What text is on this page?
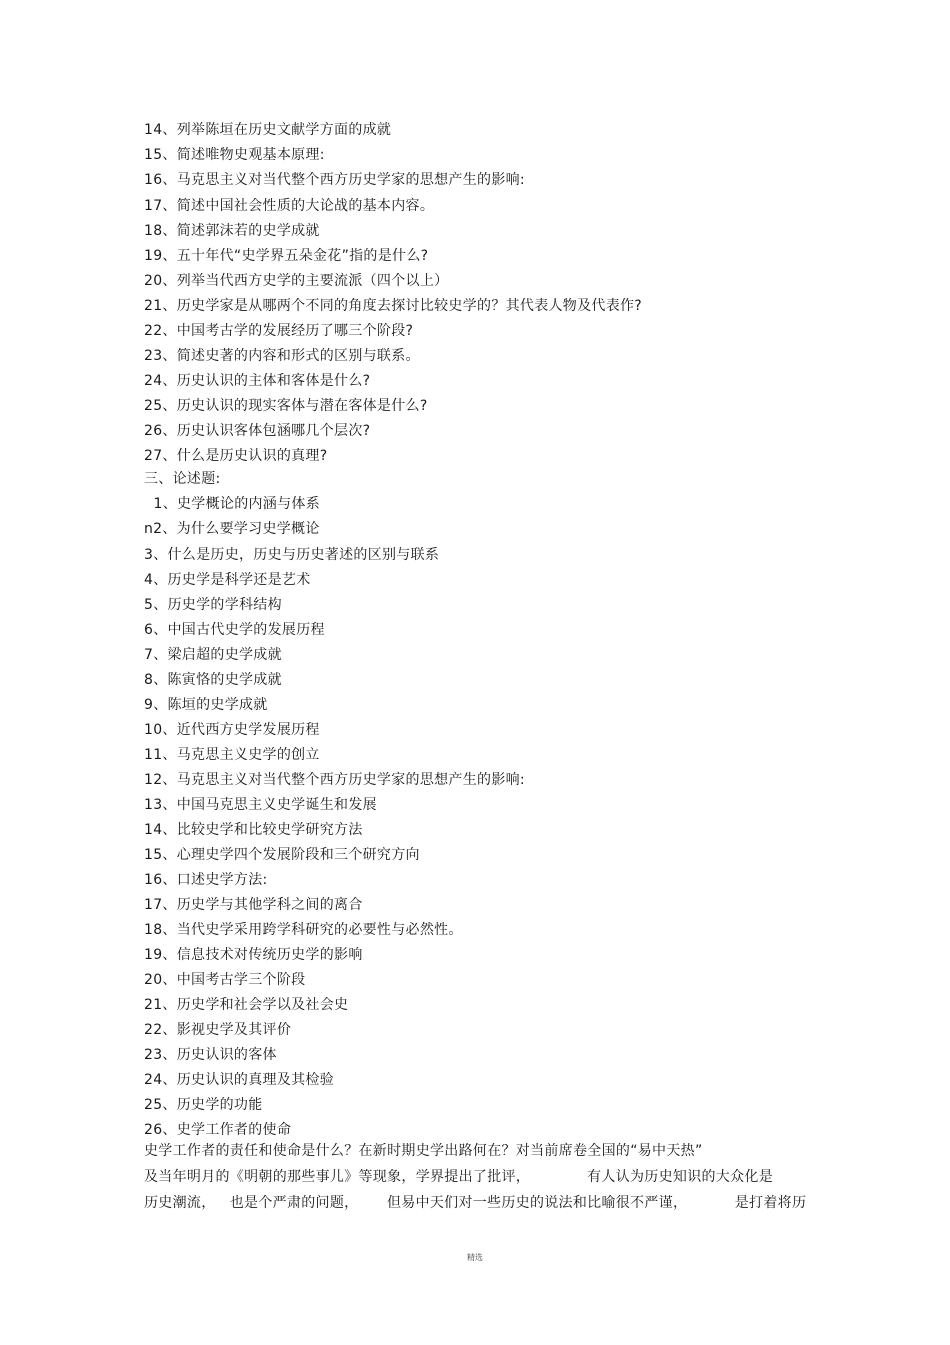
14、列举陈垣在历史文献学方面的成就
15、简述唯物史观基本原理:
16、马克思主义对当代整个西方历史学家的思想产生的影响:
17、简述中国社会性质的大论战的基本内容。
18、简述郭沫若的史学成就
19、五十年代“史学界五朵金花”指的是什么?
20、列举当代西方史学的主要流派（四个以上）
21、历史学家是从哪两个不同的角度去探讨比较史学的？其代表人物及代表作?
22、中国考古学的发展经历了哪三个阶段?
23、简述史著的内容和形式的区别与联系。
24、历史认识的主体和客体是什么?
25、历史认识的现实客体与潜在客体是什么?
26、历史认识客体包涵哪几个层次?
27、什么是历史认识的真理?
三、论述题:
1、史学概论的内涵与体系
n2、为什么要学习史学概论
3、什么是历史，历史与历史著述的区别与联系
4、历史学是科学还是艺术
5、历史学的学科结构
6、中国古代史学的发展历程
7、梁启超的史学成就
8、陈寅恪的史学成就
9、陈垣的史学成就
10、近代西方史学发展历程
11、马克思主义史学的创立
12、马克思主义对当代整个西方历史学家的思想产生的影响:
13、中国马克思主义史学诞生和发展
14、比较史学和比较史学研究方法
15、心理史学四个发展阶段和三个研究方向
16、口述史学方法:
17、历史学与其他学科之间的离合
18、当代史学采用跨学科研究的必要性与必然性。
19、信息技术对传统历史学的影响
20、中国考古学三个阶段
21、历史学和社会学以及社会史
22、影视史学及其评价
23、历史认识的客体
24、历史认识的真理及其检验
25、历史学的功能
26、史学工作者的使命
史学工作者的责任和使命是什么？在新时期史学出路何在？对当前席卷全国的“易中天热”
及当年明月的《明朝的那些事儿》等现象，学界提出了批评，            有人认为历史知识的大众化是
历史潮流，   也是个严肃的问题，      但易中天们对一些历史的说法和比喻很不严谨，          是打着将历
精选
